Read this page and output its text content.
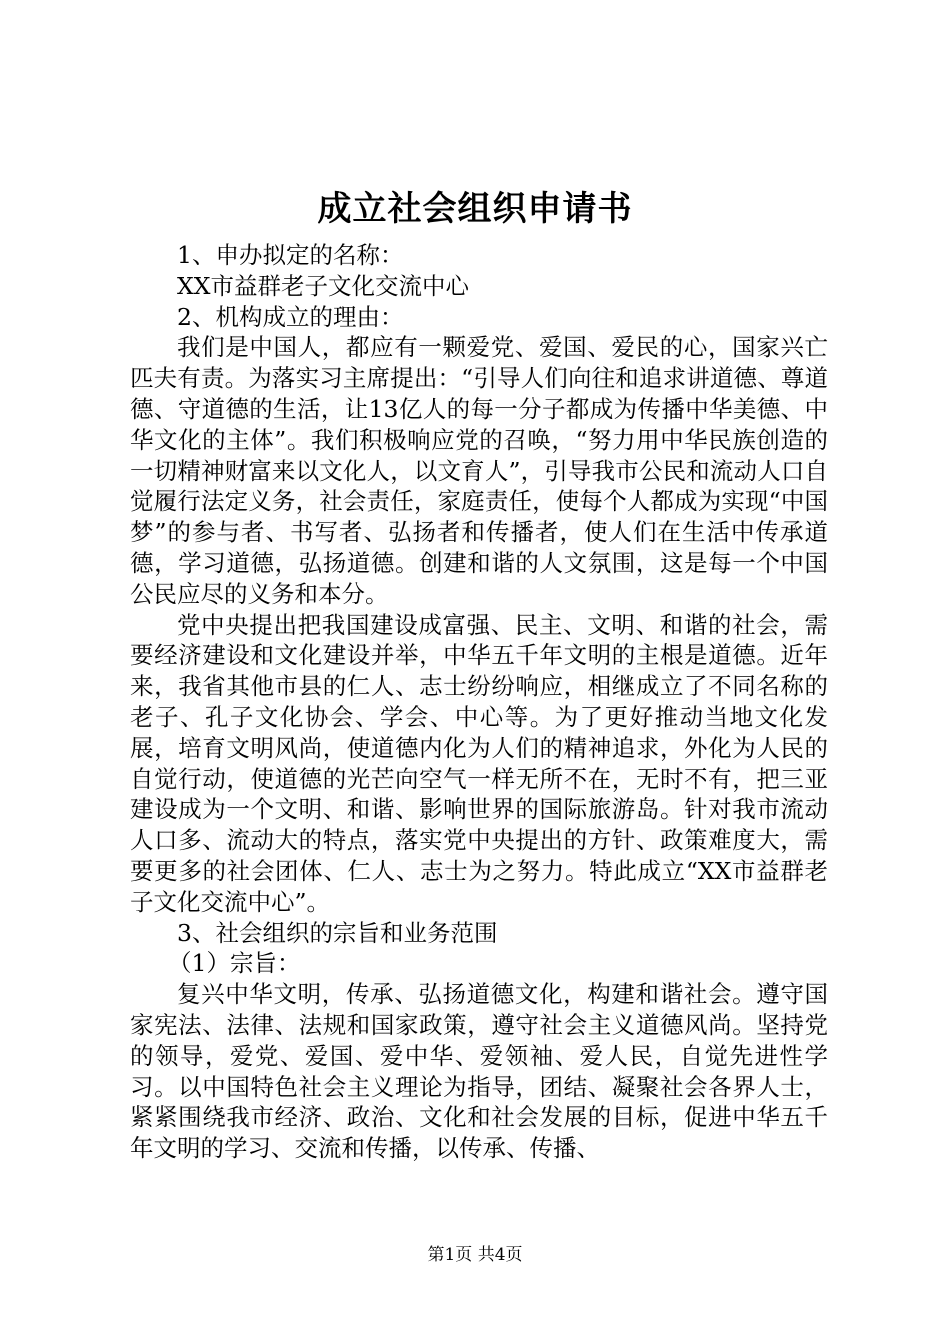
成立社会组织申请书

1、申办拟定的名称：

XX市益群老子文化交流中心

2、机构成立的理由：

我们是中国人，都应有一颗爱党、爱国、爱民的心，国家兴亡匹夫有责。为落实习主席提出：“引导人们向往和追求讲道德、尊道德、守道德的生活，让13亿人的每一分子都成为传播中华美德、中华文化的主体”。我们积极响应党的召唤，“努力用中华民族创造的一切精神财富来以文化人，以文育人”，引导我市公民和流动人口自觉履行法定义务，社会责任，家庭责任，使每个人都成为实现“中国梦”的参与者、书写者、弘扬者和传播者，使人们在生活中传承道德，学习道德，弘扬道德。创建和谐的人文氛围，这是每一个中国公民应尽的义务和本分。

党中央提出把我国建设成富强、民主、文明、和谐的社会，需要经济建设和文化建设并举，中华五千年文明的主根是道德。近年来，我省其他市县的仁人、志士纷纷响应，相继成立了不同名称的老子、孔子文化协会、学会、中心等。为了更好推动当地文化发展，培育文明风尚，使道德内化为人们的精神追求，外化为人民的自觉行动，使道德的光芒向空气一样无所不在，无时不有，把三亚建设成为一个文明、和谐、影响世界的国际旅游岛。针对我市流动人口多、流动大的特点，落实党中央提出的方针、政策难度大，需要更多的社会团体、仁人、志士为之努力。特此成立“XX市益群老子文化交流中心”。

3、社会组织的宗旨和业务范围

（1）宗旨：

复兴中华文明，传承、弘扬道德文化，构建和谐社会。遵守国家宪法、法律、法规和国家政策，遵守社会主义道德风尚。坚持党的领导，爱党、爱国、爱中华、爱领袖、爱人民，自觉先进性学习。以中国特色社会主义理论为指导，团结、凝聚社会各界人士，紧紧围绕我市经济、政治、文化和社会发展的目标，促进中华五千年文明的学习、交流和传播，以传承、传播、

第1页 共4页
